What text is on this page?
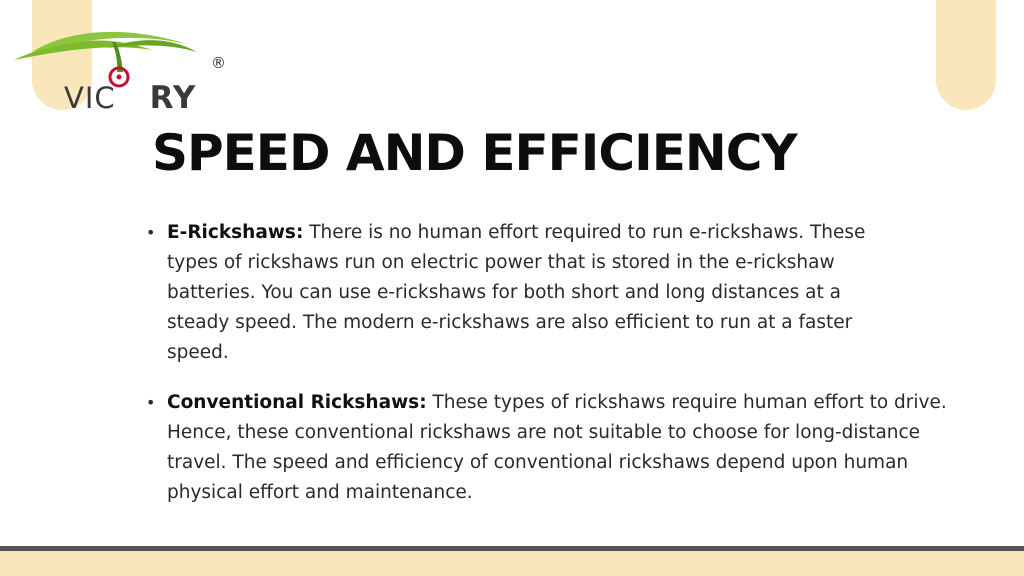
VIC RY
®
SPEED AND EFFICIENCY
• E-Rickshaws: There is no human effort required to run e-rickshaws. These types of rickshaws run on electric power that is stored in the e-rickshaw batteries. You can use e-rickshaws for both short and long distances at a steady speed. The modern e-rickshaws are also efficient to run at a faster speed.
• Conventional Rickshaws: These types of rickshaws require human effort to drive. Hence, these conventional rickshaws are not suitable to choose for long-distance travel. The speed and efficiency of conventional rickshaws depend upon human physical effort and maintenance.
